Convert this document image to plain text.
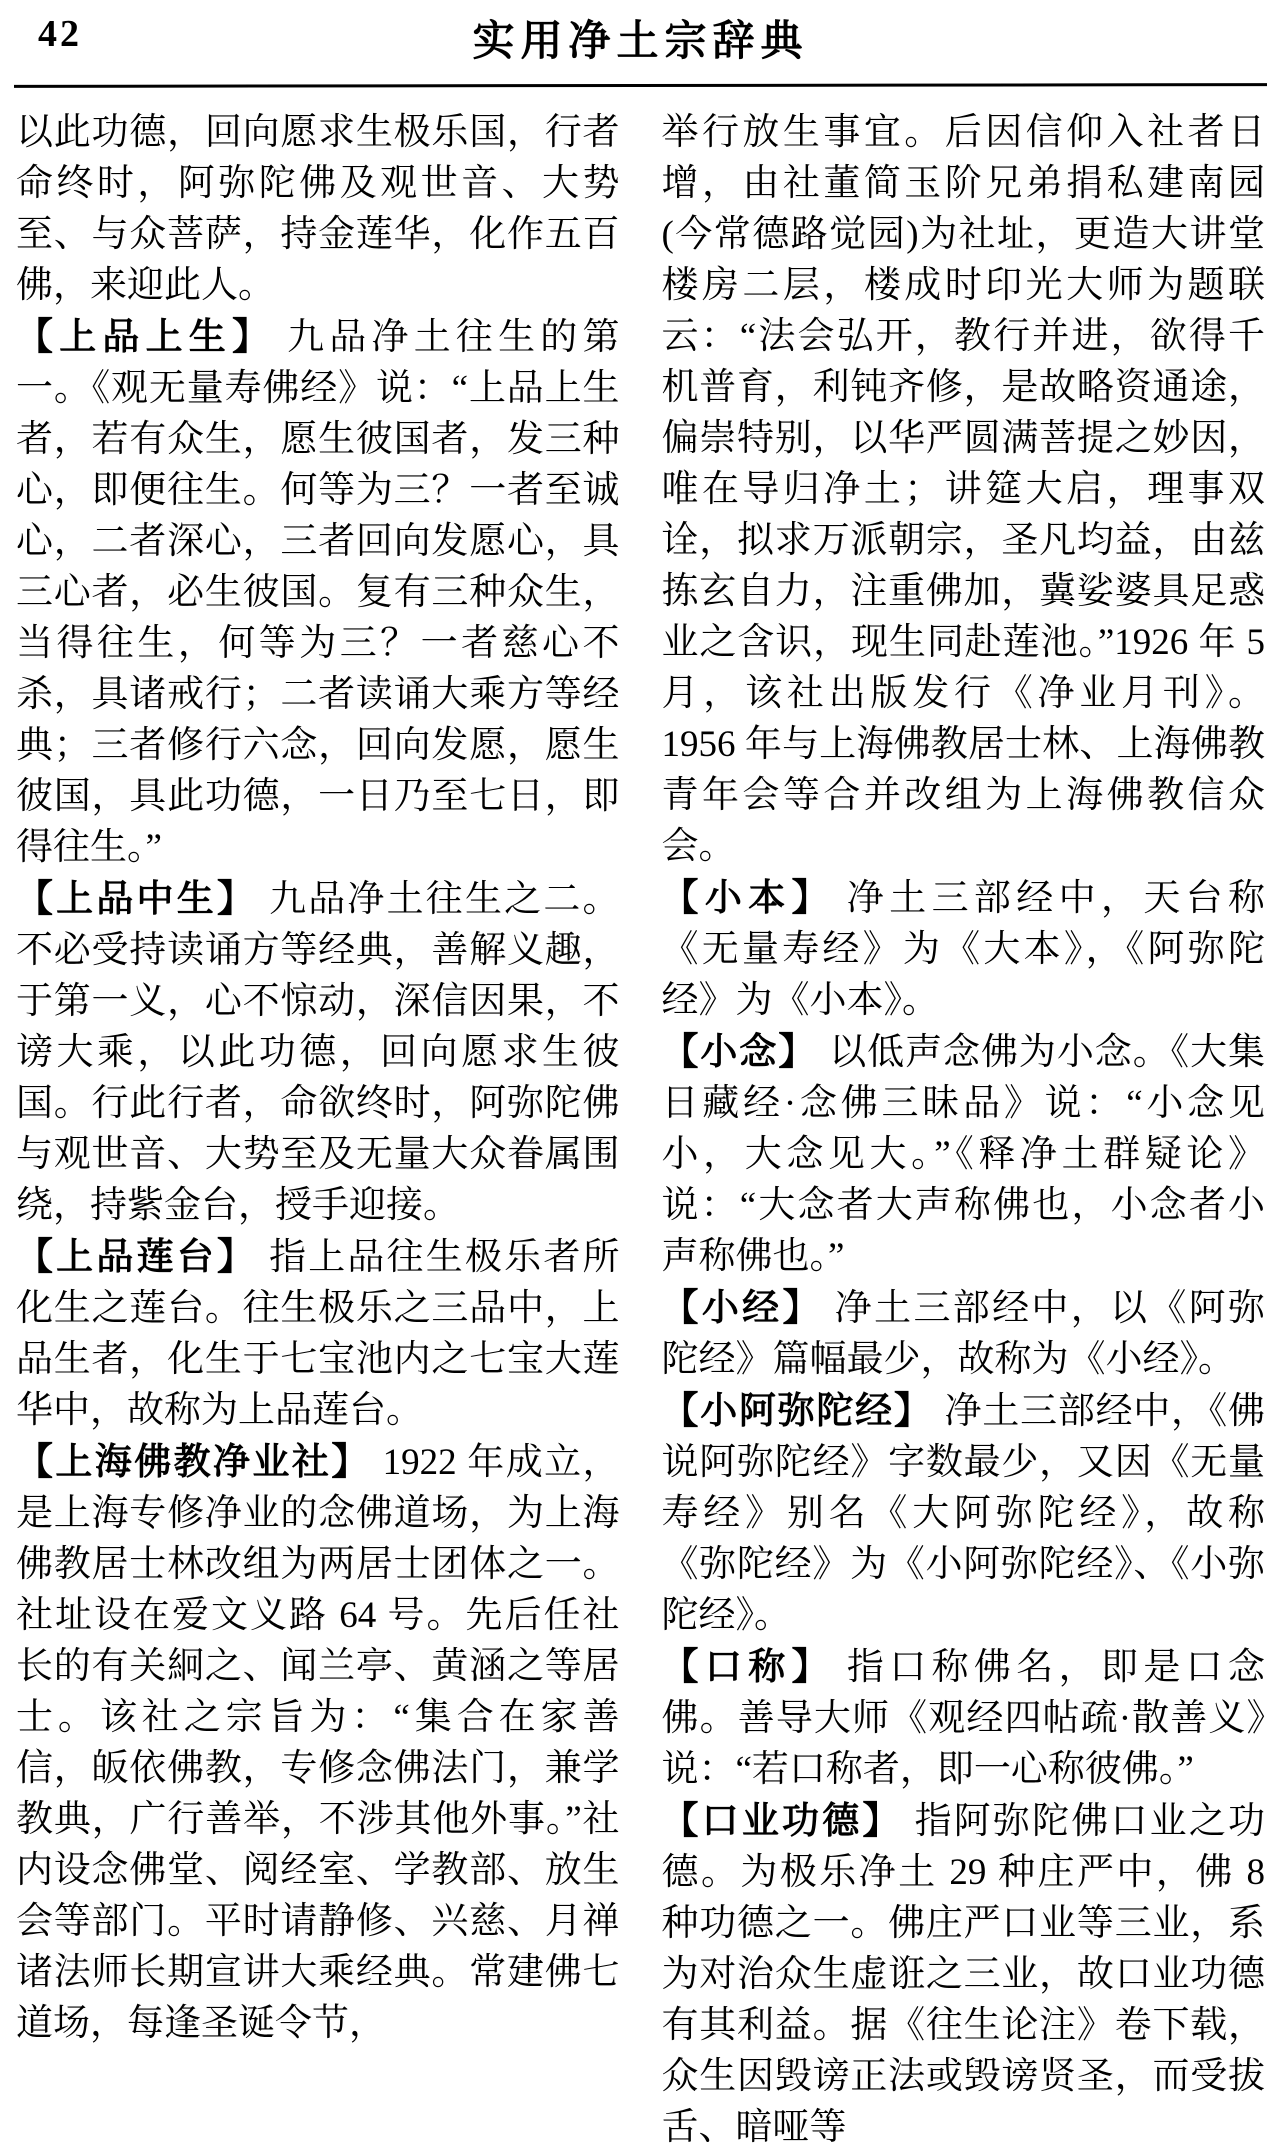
42	实用净土宗辞典

以此功德，回向愿求生极乐国，行者命终时，阿弥陀佛及观世音、大势至、与众菩萨，持金莲华，化作五百佛，来迎此人。

【上品上生】 九品净土往生的第一。《观无量寿佛经》说：“上品上生者，若有众生，愿生彼国者，发三种心，即便往生。何等为三？一者至诚心，二者深心，三者回向发愿心，具三心者，必生彼国。复有三种众生，当得往生，何等为三？一者慈心不杀，具诸戒行；二者读诵大乘方等经典；三者修行六念，回向发愿，愿生彼国，具此功德，一日乃至七日，即得往生。”

【上品中生】 九品净土往生之二。不必受持读诵方等经典，善解义趣，于第一义，心不惊动，深信因果，不谤大乘，以此功德，回向愿求生彼国。行此行者，命欲终时，阿弥陀佛与观世音、大势至及无量大众眷属围绕，持紫金台，授手迎接。

【上品莲台】 指上品往生极乐者所化生之莲台。往生极乐之三品中，上品生者，化生于七宝池内之七宝大莲华中，故称为上品莲台。

【上海佛教净业社】 1922 年成立，是上海专修净业的念佛道场，为上海佛教居士林改组为两居士团体之一。社址设在爱文义路 64 号。先后任社长的有关絅之、闻兰亭、黄涵之等居士。该社之宗旨为：“集合在家善信，皈依佛教，专修念佛法门，兼学教典，广行善举，不涉其他外事。”社内设念佛堂、阅经室、学教部、放生会等部门。平时请静修、兴慈、月禅诸法师长期宣讲大乘经典。常建佛七道场，每逢圣诞令节，

举行放生事宜。后因信仰入社者日增，由社董简玉阶兄弟捐私建南园(今常德路觉园)为社址，更造大讲堂楼房二层，楼成时印光大师为题联云：“法会弘开，教行并进，欲得千机普育，利钝齐修，是故略资通途，偏崇特别，以华严圆满菩提之妙因，唯在导归净土；讲筵大启，理事双诠，拟求万派朝宗，圣凡均益，由兹拣玄自力，注重佛加，冀娑婆具足惑业之含识，现生同赴莲池。”1926 年 5 月，该社出版发行《净业月刊》。1956 年与上海佛教居士林、上海佛教青年会等合并改组为上海佛教信众会。

【小本】 净土三部经中，天台称《无量寿经》为《大本》，《阿弥陀经》为《小本》。

【小念】 以低声念佛为小念。《大集日藏经·念佛三昧品》说：“小念见小，大念见大。”《释净土群疑论》说：“大念者大声称佛也，小念者小声称佛也。”

【小经】 净土三部经中，以《阿弥陀经》篇幅最少，故称为《小经》。

【小阿弥陀经】 净土三部经中，《佛说阿弥陀经》字数最少，又因《无量寿经》别名《大阿弥陀经》，故称《弥陀经》为《小阿弥陀经》、《小弥陀经》。

【口称】 指口称佛名，即是口念佛。善导大师《观经四帖疏·散善义》说：“若口称者，即一心称彼佛。”

【口业功德】 指阿弥陀佛口业之功德。为极乐净土 29 种庄严中，佛 8 种功德之一。佛庄严口业等三业，系为对治众生虚诳之三业，故口业功德有其利益。据《往生论注》卷下载，众生因毁谤正法或毁谤贤圣，而受拔舌、暗哑等
